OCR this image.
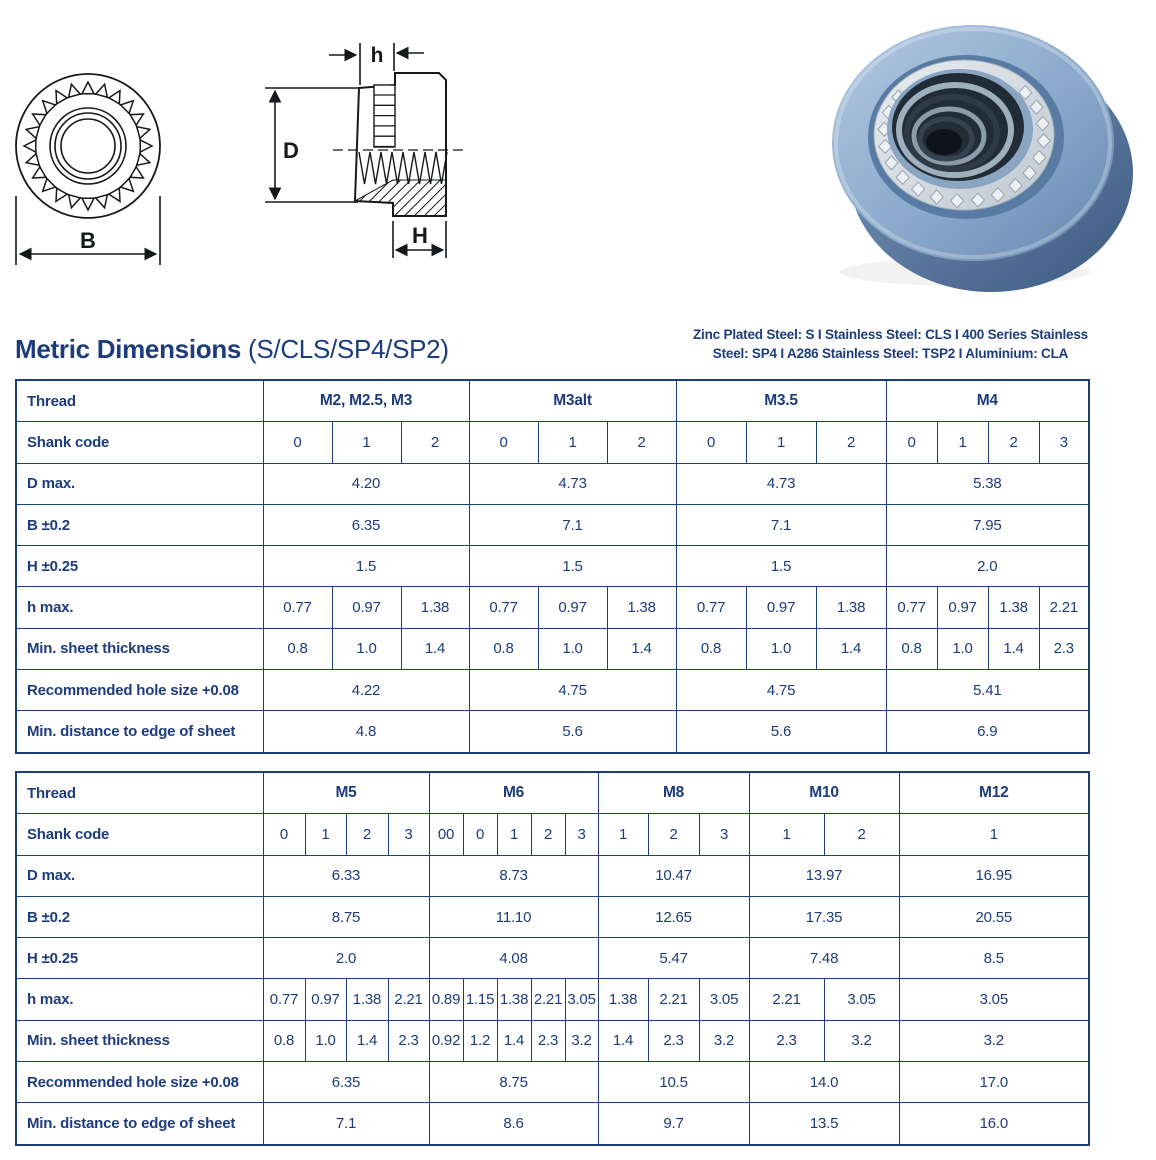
B
h
D
H
Metric Dimensions (S/CLS/SP4/SP2)	Zinc Plated Steel: S I Stainless Steel: CLS I 400 Series Stainless
Steel: SP4 I A286 Stainless Steel: TSP2 I Aluminium: CLA
Thread	M2, M2.5, M3			M3alt			M3.5			M4			
Shank code	0	1	2	0	1	2	0	1	2	0	1	2	3
D max.	4.20			4.73			4.73			5.38			
B ±0.2	6.35			7.1			7.1			7.95			
H ±0.25	1.5			1.5			1.5			2.0			
h max.	0.77	0.97	1.38	0.77	0.97	1.38	0.77	0.97	1.38	0.77	0.97	1.38	2.21
Min. sheet thickness	0.8	1.0	1.4	0.8	1.0	1.4	0.8	1.0	1.4	0.8	1.0	1.4	2.3
Recommended hole size +0.08	4.22			4.75			4.75			5.41			
Min. distance to edge of sheet	4.8			5.6			5.6			6.9			
Thread	M5				M6					M8			M10		M12
Shank code	0	1	2	3	00	0	1	2	3	1	2	3	1	2	1
D max.	6.33				8.73					10.47			13.97		16.95
B ±0.2	8.75				11.10					12.65			17.35		20.55
H ±0.25	2.0				4.08					5.47			7.48		8.5
h max.	0.77	0.97	1.38	2.21	0.89	1.15	1.38	2.21	3.05	1.38	2.21	3.05	2.21	3.05	3.05
Min. sheet thickness	0.8	1.0	1.4	2.3	0.92	1.2	1.4	2.3	3.2	1.4	2.3	3.2	2.3	3.2	3.2
Recommended hole size +0.08	6.35				8.75					10.5			14.0		17.0
Min. distance to edge of sheet	7.1				8.6					9.7			13.5		16.0
